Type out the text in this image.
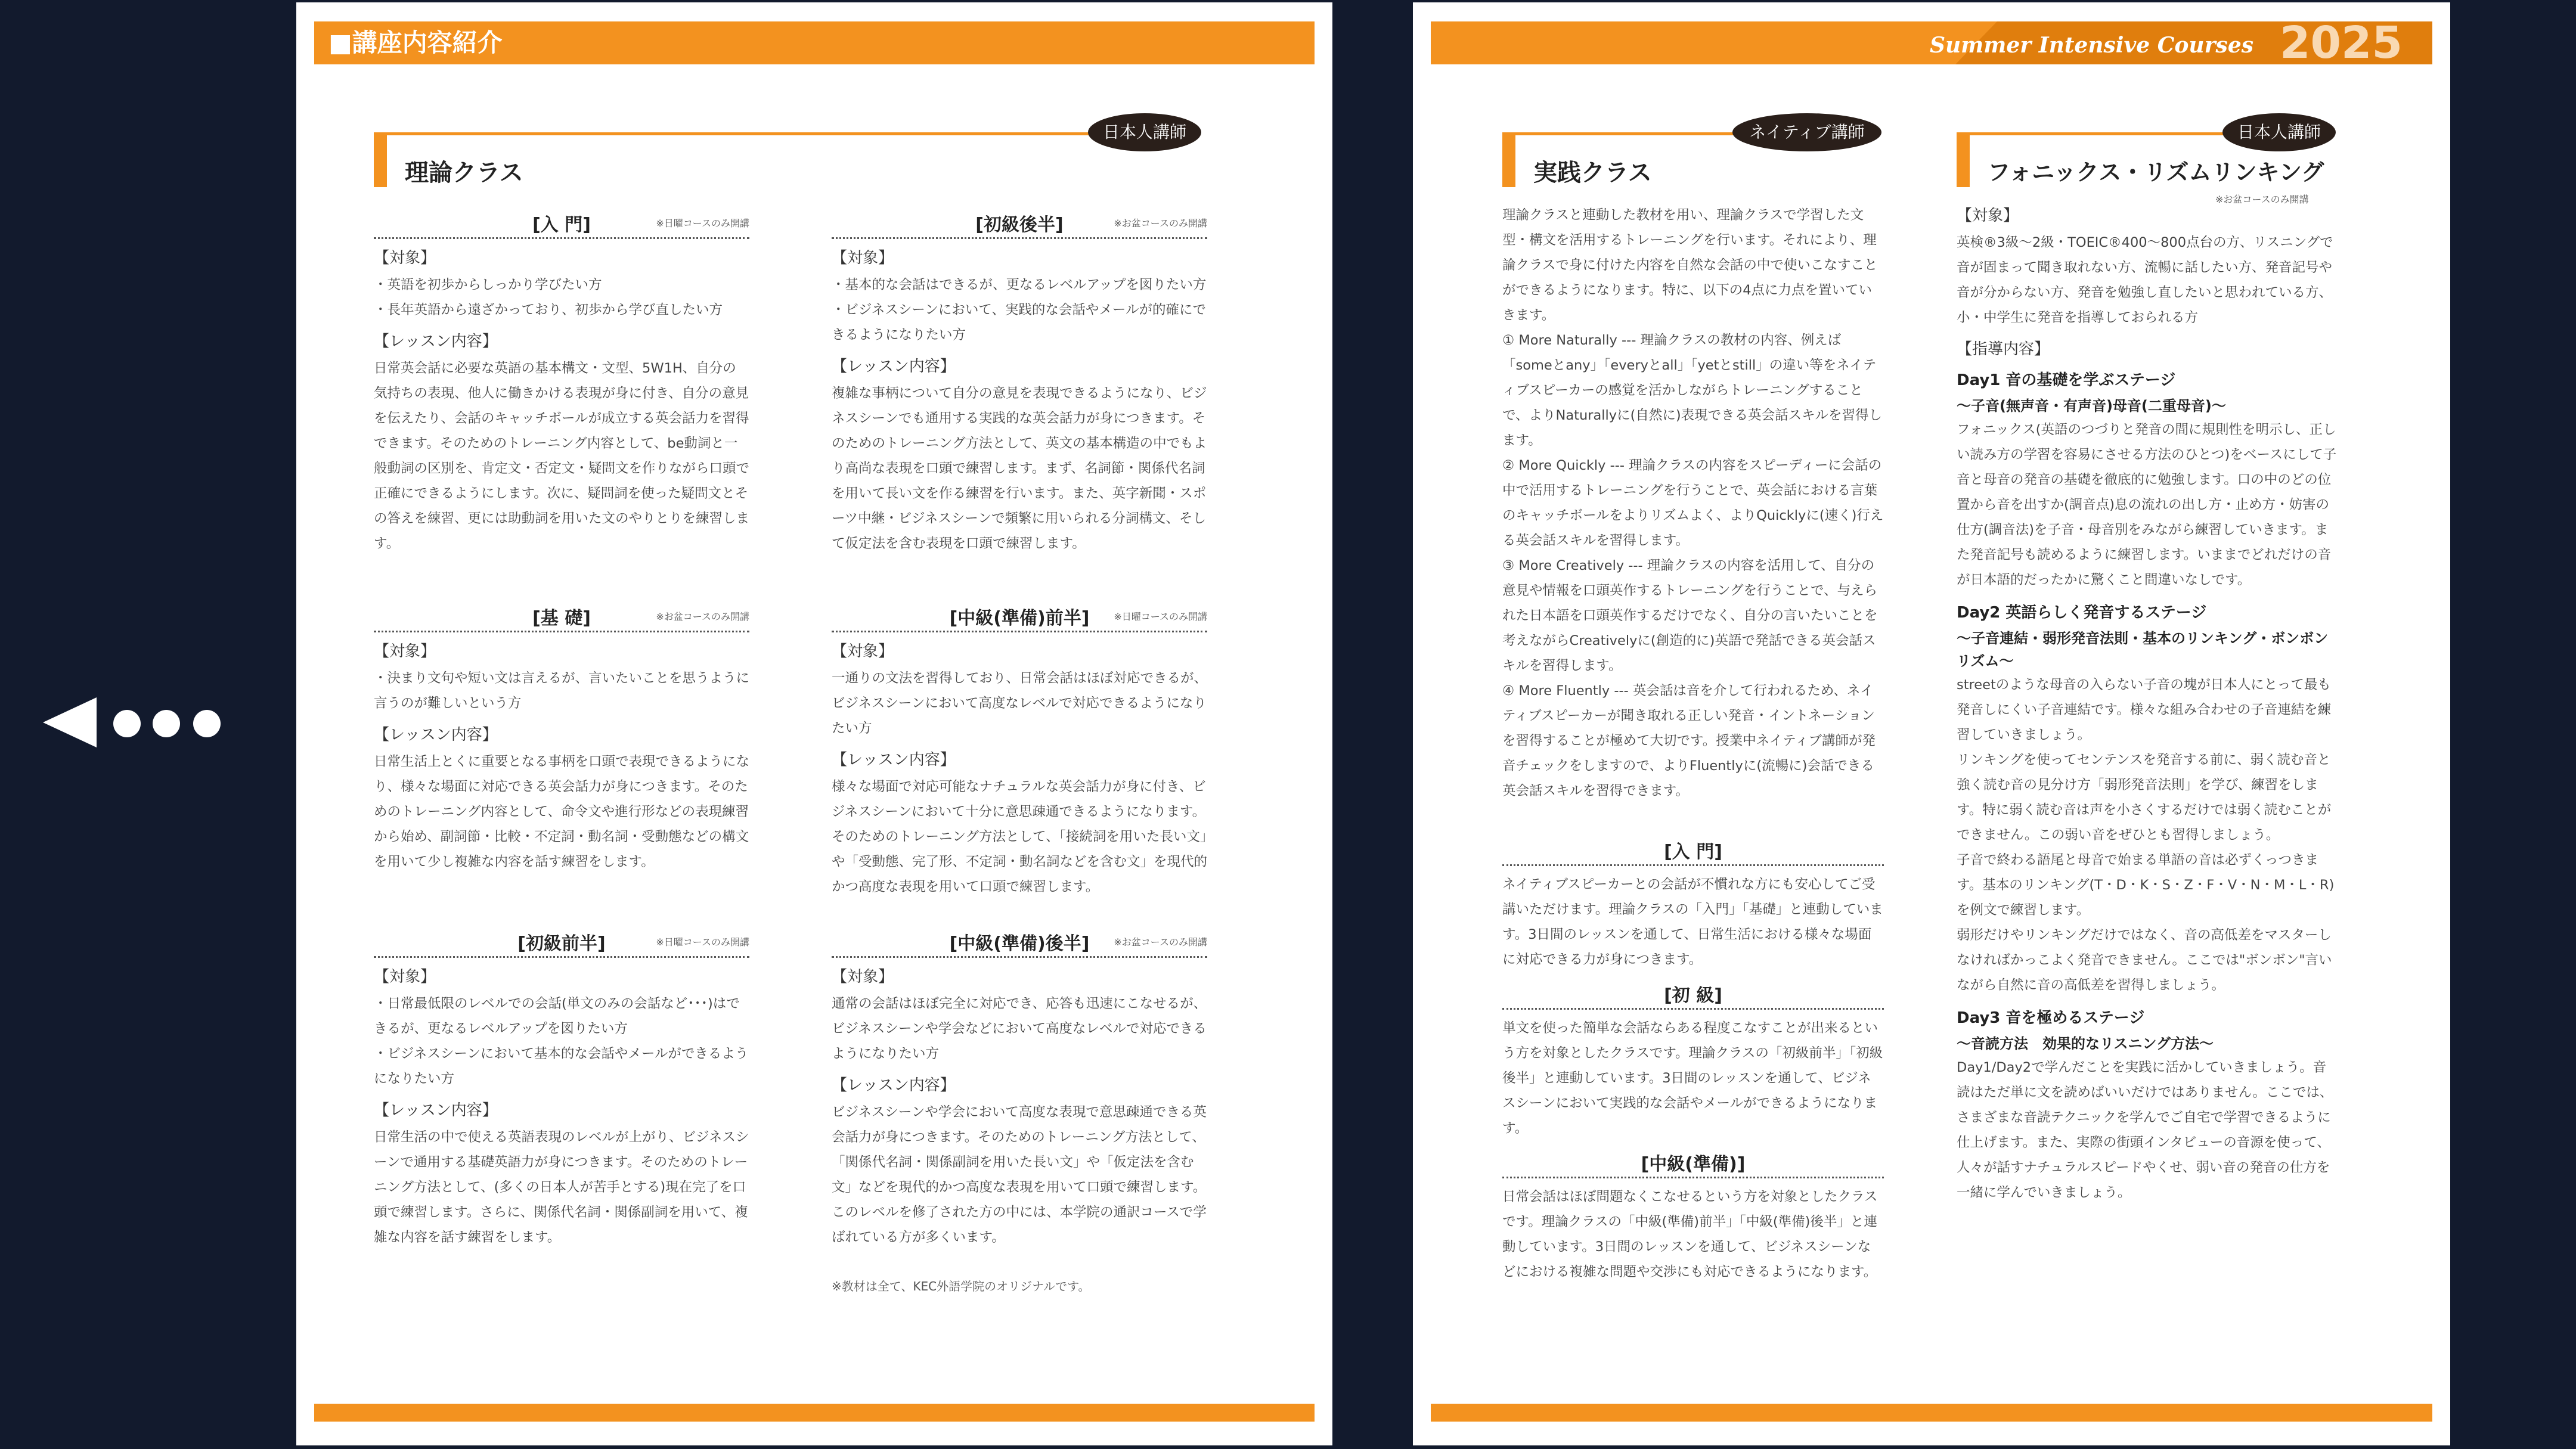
■講座内容紹介
理論クラス
日本人講師
[入 門]	※日曜コースのみ開講
【対象】

・英語を初歩からしっかり学びたい方

・長年英語から遠ざかっており、初歩から学び直したい方

【レッスン内容】

日常英会話に必要な英語の基本構文・文型、5W1H、自分の気持ちの表現、他人に働きかける表現が身に付き、自分の意見を伝えたり、会話のキャッチボールが成立する英会話力を習得できます。そのためのトレーニング内容として、be動詞と一般動詞の区別を、肯定文・否定文・疑問文を作りながら口頭で正確にできるようにします。次に、疑問詞を使った疑問文とその答えを練習、更には助動詞を用いた文のやりとりを練習します。

[基 礎]	※お盆コースのみ開講
【対象】

・決まり文句や短い文は言えるが、言いたいことを思うように言うのが難しいという方

【レッスン内容】

日常生活上とくに重要となる事柄を口頭で表現できるようになり、様々な場面に対応できる英会話力が身につきます。そのためのトレーニング内容として、命令文や進行形などの表現練習から始め、副詞節・比較・不定詞・動名詞・受動態などの構文を用いて少し複雑な内容を話す練習をします。

[初級前半]	※日曜コースのみ開講
【対象】

・日常最低限のレベルでの会話(単文のみの会話など･･･)はできるが、更なるレベルアップを図りたい方

・ビジネスシーンにおいて基本的な会話やメールができるようになりたい方

【レッスン内容】

日常生活の中で使える英語表現のレベルが上がり、ビジネスシーンで通用する基礎英語力が身につきます。そのためのトレーニング方法として、(多くの日本人が苦手とする)現在完了を口頭で練習します。さらに、関係代名詞・関係副詞を用いて、複雑な内容を話す練習をします。

[初級後半]	※お盆コースのみ開講
【対象】

・基本的な会話はできるが、更なるレベルアップを図りたい方

・ビジネスシーンにおいて、実践的な会話やメールが的確にできるようになりたい方

【レッスン内容】

複雑な事柄について自分の意見を表現できるようになり、ビジネスシーンでも通用する実践的な英会話力が身につきます。そのためのトレーニング方法として、英文の基本構造の中でもより高尚な表現を口頭で練習します。まず、名詞節・関係代名詞を用いて長い文を作る練習を行います。また、英字新聞・スポーツ中継・ビジネスシーンで頻繁に用いられる分詞構文、そして仮定法を含む表現を口頭で練習します。

[中級(準備)前半]	※日曜コースのみ開講
【対象】

一通りの文法を習得しており、日常会話はほぼ対応できるが、ビジネスシーンにおいて高度なレベルで対応できるようになりたい方

【レッスン内容】

様々な場面で対応可能なナチュラルな英会話力が身に付き、ビジネスシーンにおいて十分に意思疎通できるようになります。そのためのトレーニング方法として、「接続詞を用いた長い文」や「受動態、完了形、不定詞・動名詞などを含む文」を現代的かつ高度な表現を用いて口頭で練習します。

[中級(準備)後半]	※お盆コースのみ開講
【対象】

通常の会話はほぼ完全に対応でき、応答も迅速にこなせるが、ビジネスシーンや学会などにおいて高度なレベルで対応できるようになりたい方

【レッスン内容】

ビジネスシーンや学会において高度な表現で意思疎通できる英会話力が身につきます。そのためのトレーニング方法として、「関係代名詞・関係副詞を用いた長い文」や「仮定法を含む文」などを現代的かつ高度な表現を用いて口頭で練習します。このレベルを修了された方の中には、本学院の通訳コースで学ばれている方が多くいます。

※教材は全て、KEC外語学院のオリジナルです。
Summer Intensive Courses 2025
実践クラス
ネイティブ講師

理論クラスと連動した教材を用い、理論クラスで学習した文型・構文を活用するトレーニングを行います。それにより、理論クラスで身に付けた内容を自然な会話の中で使いこなすことができるようになります。特に、以下の4点に力点を置いていきます。

① More Naturally --- 理論クラスの教材の内容、例えば「someとany」「everyとall」「yetとstill」の違い等をネイティブスピーカーの感覚を活かしながらトレーニングすることで、よりNaturallyに(自然に)表現できる英会話スキルを習得します。

② More Quickly --- 理論クラスの内容をスピーディーに会話の中で活用するトレーニングを行うことで、英会話における言葉のキャッチボールをよりリズムよく、よりQuicklyに(速く)行える英会話スキルを習得します。

③ More Creatively --- 理論クラスの内容を活用して、自分の意見や情報を口頭英作するトレーニングを行うことで、与えられた日本語を口頭英作するだけでなく、自分の言いたいことを考えながらCreativelyに(創造的に)英語で発話できる英会話スキルを習得します。

④ More Fluently --- 英会話は音を介して行われるため、ネイティブスピーカーが聞き取れる正しい発音・イントネーションを習得することが極めて大切です。授業中ネイティブ講師が発音チェックをしますので、よりFluentlyに(流暢に)会話できる英会話スキルを習得できます。

[入 門]

ネイティブスピーカーとの会話が不慣れな方にも安心してご受講いただけます。理論クラスの「入門」「基礎」と連動しています。3日間のレッスンを通して、日常生活における様々な場面に対応できる力が身につきます。

[初 級]

単文を使った簡単な会話ならある程度こなすことが出来るという方を対象としたクラスです。理論クラスの「初級前半」「初級後半」と連動しています。3日間のレッスンを通して、ビジネスシーンにおいて実践的な会話やメールができるようになります。

[中級(準備)]

日常会話はほぼ問題なくこなせるという方を対象としたクラスです。理論クラスの「中級(準備)前半」「中級(準備)後半」と連動しています。3日間のレッスンを通して、ビジネスシーンなどにおける複雑な問題や交渉にも対応できるようになります。

フォニックス・リズムリンキング
日本人講師
※お盆コースのみ開講
【対象】

英検®3級〜2級・TOEIC®400〜800点台の方、リスニングで音が固まって聞き取れない方、流暢に話したい方、発音記号や音が分からない方、発音を勉強し直したいと思われている方、小・中学生に発音を指導しておられる方

【指導内容】
Day1 音の基礎を学ぶステージ
〜子音(無声音・有声音)母音(二重母音)〜

フォニックス(英語のつづりと発音の間に規則性を明示し、正しい読み方の学習を容易にさせる方法のひとつ)をベースにして子音と母音の発音の基礎を徹底的に勉強します。口の中のどの位置から音を出すか(調音点)息の流れの出し方・止め方・妨害の仕方(調音法)を子音・母音別をみながら練習していきます。また発音記号も読めるように練習します。いままでどれだけの音が日本語的だったかに驚くこと間違いなしです。

Day2 英語らしく発音するステージ
〜子音連結・弱形発音法則・基本のリンキング・ボンボンリズム〜

streetのような母音の入らない子音の塊が日本人にとって最も発音しにくい子音連結です。様々な組み合わせの子音連結を練習していきましょう。

リンキングを使ってセンテンスを発音する前に、弱く読む音と強く読む音の見分け方「弱形発音法則」を学び、練習をします。特に弱く読む音は声を小さくするだけでは弱く読むことができません。この弱い音をぜひとも習得しましょう。

子音で終わる語尾と母音で始まる単語の音は必ずくっつきます。基本のリンキング(T・D・K・S・Z・F・V・N・M・L・R)を例文で練習します。

弱形だけやリンキングだけではなく、音の高低差をマスターしなければかっこよく発音できません。ここでは"ボンボン"言いながら自然に音の高低差を習得しましょう。

Day3 音を極めるステージ
〜音読方法　効果的なリスニング方法〜

Day1/Day2で学んだことを実践に活かしていきましょう。音読はただ単に文を読めばいいだけではありません。ここでは、さまざまな音読テクニックを学んでご自宅で学習できるように仕上げます。また、実際の街頭インタビューの音源を使って、人々が話すナチュラルスピードやくせ、弱い音の発音の仕方を一緒に学んでいきましょう。
